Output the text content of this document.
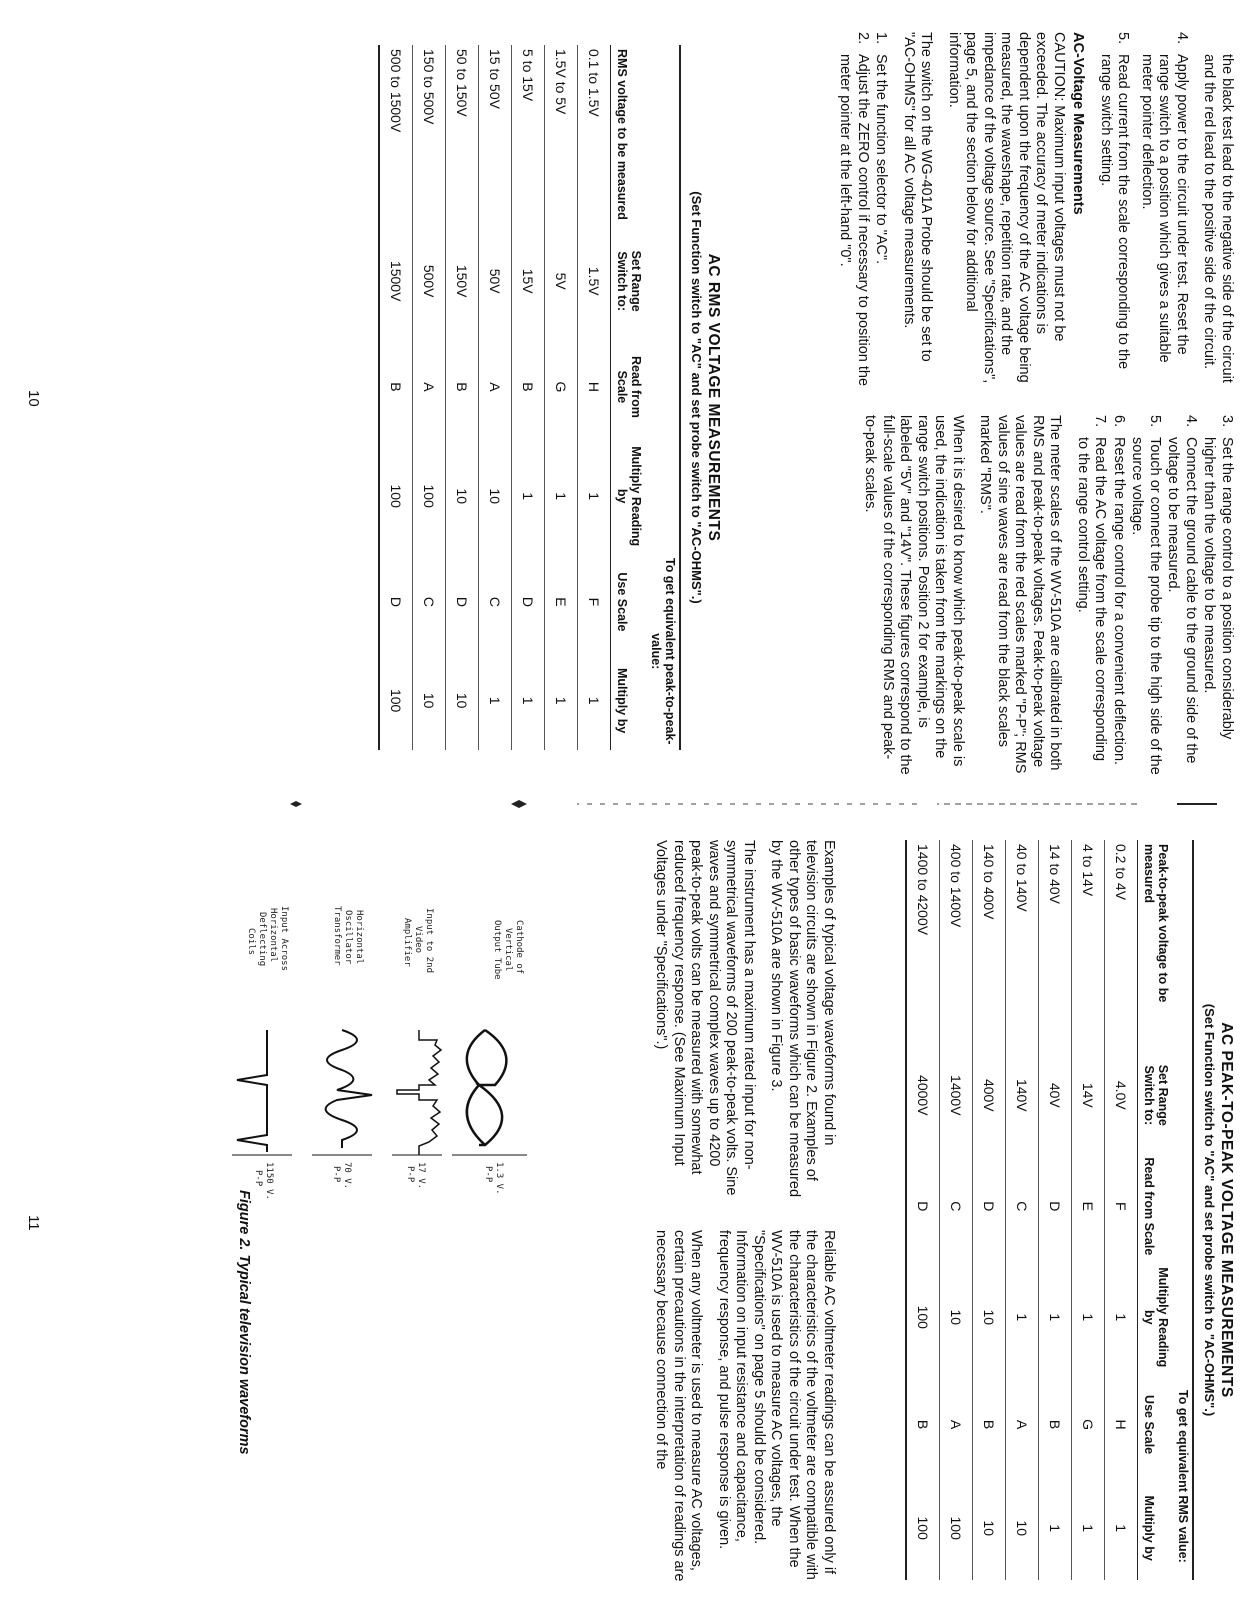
the black test lead to the negative side of the circuit and the red lead to the positive side of the circuit.

4.
Apply power to the circuit under test. Reset the range switch to a position which gives a suitable meter pointer deflection.
5.
Read current from the scale corresponding to the range switch setting.
AC-Voltage Measurements

CAUTION: Maximum input voltages must not be exceeded. The accuracy of meter indications is dependent upon the frequency of the AC voltage being measured, the waveshape, repetition rate, and the impedance of the voltage source. See "Specifications", page 5, and the section below for additional information.

The switch on the WG-401A Probe should be set to "AC-OHMS" for all AC voltage measurements.

1.
Set the function selector to "AC".
2.
Adjust the ZERO control if necessary to position the meter pointer at the left-hand "0".
3.
Set the range control to a position considerably higher than the voltage to be measured.
4.
Connect the ground cable to the ground side of the voltage to be measured.
5.
Touch or connect the probe tip to the high side of the source voltage.
6.
Reset the range control for a convenient deflection.
7.
Read the AC voltage from the scale corresponding to the range control setting.

The meter scales of the WV-510A are calibrated in both RMS and peak-to-peak voltages. Peak-to-peak voltage values are read from the red scales marked "P-P"; RMS values of sine waves are read from the black scales marked "RMS".

When it is desired to know which peak-to-peak scale is used, the indication is taken from the markings on the range switch positions. Position 2 for example, is labeled "5V" and "14V". These figures correspond to the full-scale values of the corresponding RMS and peak-to-peak scales.

AC RMS VOLTAGE MEASUREMENTS
(Set Function switch to "AC" and set probe switch to "AC-OHMS".)
				To get equivalent peak-to-peak-value:	
RMS voltage to be measured	Set Range Switch to:	Read from Scale	Multiply Reading by	Use Scale	Multiply by
0.1 to 1.5V	1.5V	H	1	F	1
1.5V to 5V	5V	G	1	E	1
5 to 15V	15V	B	1	D	1
15 to 50V	50V	A	10	C	1
50 to 150V	150V	B	10	D	10
150 to 500V	500V	A	100	C	10
500 to 1500V	1500V	B	100	D	100
10
AC PEAK-TO-PEAK VOLTAGE MEASUREMENTS
(Set Function switch to "AC" and set probe switch to "AC-OHMS".)
				To get equivalent RMS value:	
Peak-to-peak voltage to be measured	Set Range Switch to:	Read from Scale	Multiply Reading by	Use Scale	Multiply by
0.2 to 4V	4.0V	F	1	H	1
4 to 14V	14V	E	1	G	1
14 to 40V	40V	D	1	B	1
40 to 140V	140V	C	1	A	10
140 to 400V	400V	D	10	B	10
400 to 1400V	1400V	C	10	A	100
1400 to 4200V	4000V	D	100	B	100

Examples of typical voltage waveforms found in television circuits are shown in Figure 2. Examples of other types of basic waveforms which can be measured by the WV-510A are shown in Figure 3.

The instrument has a maximum rated input for non-symmetrical waveforms of 200 peak-to-peak volts. Sine waves and symmetrical complex waves up to 4200 peak-to-peak volts can be measured with somewhat reduced frequency response. (See Maximum Input Voltages under "Specifications".)

Reliable AC voltmeter readings can be assured only if the characteristics of the voltmeter are compatible with the characteristics of the circuit under test. When the WV-510A is used to measure AC voltages, the "Specifications" on page 5 should be considered. Information on input resistance and capacitance, frequency response, and pulse response is given.

When any voltmeter is used to measure AC voltages, certain precautions in the interpretation of readings are necessary because connection of the

Cathode ofVerticalOutput Tube
1.3 V.P-P
Input to 2ndVideoAmplifier
17 V.P-P
HorizontalOscillatorTransformer
70 V.P-P
Input AcrossHorizontalDeflectingCoils
1150 V.P-P
Figure 2. Typical television waveforms
11
